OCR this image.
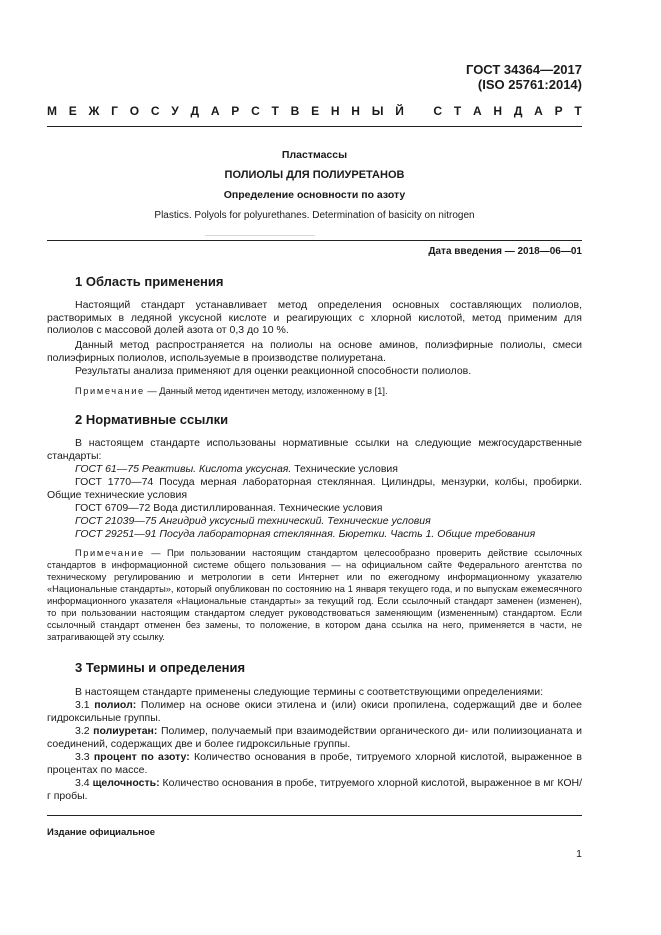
ГОСТ 34364—2017
(ISO 25761:2014)
М Е Ж Г О С У Д А Р С Т В Е Н Н Ы Й С Т А Н Д А Р Т
Пластмассы
ПОЛИОЛЫ ДЛЯ ПОЛИУРЕТАНОВ
Определение основности по азоту
Plastics. Polyols for polyurethanes. Determination of basicity on nitrogen
Дата введения — 2018—06—01
1 Область применения

Настоящий стандарт устанавливает метод определения основных составляющих полиолов, растворимых в ледяной уксусной кислоте и реагирующих с хлорной кислотой, метод применим для полиолов с массовой долей азота от 0,3 до 10 %.

Данный метод распространяется на полиолы на основе аминов, полиэфирные полиолы, смеси полиэфирных полиолов, используемые в производстве полиуретана.

Результаты анализа применяют для оценки реакционной способности полиолов.

Примечание — Данный метод идентичен методу, изложенному в [1].

2 Нормативные ссылки

В настоящем стандарте использованы нормативные ссылки на следующие межгосударственные стандарты:

ГОСТ 61—75 Реактивы. Кислота уксусная. Технические условия

ГОСТ 1770—74 Посуда мерная лабораторная стеклянная. Цилиндры, мензурки, колбы, пробирки. Общие технические условия

ГОСТ 6709—72 Вода дистиллированная. Технические условия
ГОСТ 21039—75 Ангидрид уксусный технический. Технические условия
ГОСТ 29251—91 Посуда лабораторная стеклянная. Бюретки. Часть 1. Общие требования

Примечание — При пользовании настоящим стандартом целесообразно проверить действие ссылочных стандартов в информационной системе общего пользования — на официальном сайте Федерального агентства по техническому регулированию и метрологии в сети Интернет или по ежегодному информационному указателю «Национальные стандарты», который опубликован по состоянию на 1 января текущего года, и по выпускам ежемесячного информационного указателя «Национальные стандарты» за текущий год. Если ссылочный стандарт заменен (изменен), то при пользовании настоящим стандартом следует руководствоваться заменяющим (измененным) стандартом. Если ссылочный стандарт отменен без замены, то положение, в котором дана ссылка на него, применяется в части, не затрагивающей эту ссылку.

3 Термины и определения

В настоящем стандарте применены следующие термины с соответствующими определениями:

3.1 полиол: Полимер на основе окиси этилена и (или) окиси пропилена, содержащий две и более гидроксильные группы.

3.2 полиуретан: Полимер, получаемый при взаимодействии органического ди- или полиизоцианата и соединений, содержащих две и более гидроксильные группы.

3.3 процент по азоту: Количество основания в пробе, титруемого хлорной кислотой, выраженное в процентах по массе.

3.4 щелочность: Количество основания в пробе, титруемого хлорной кислотой, выраженное в мг КОН/г пробы.

Издание официальное
1
